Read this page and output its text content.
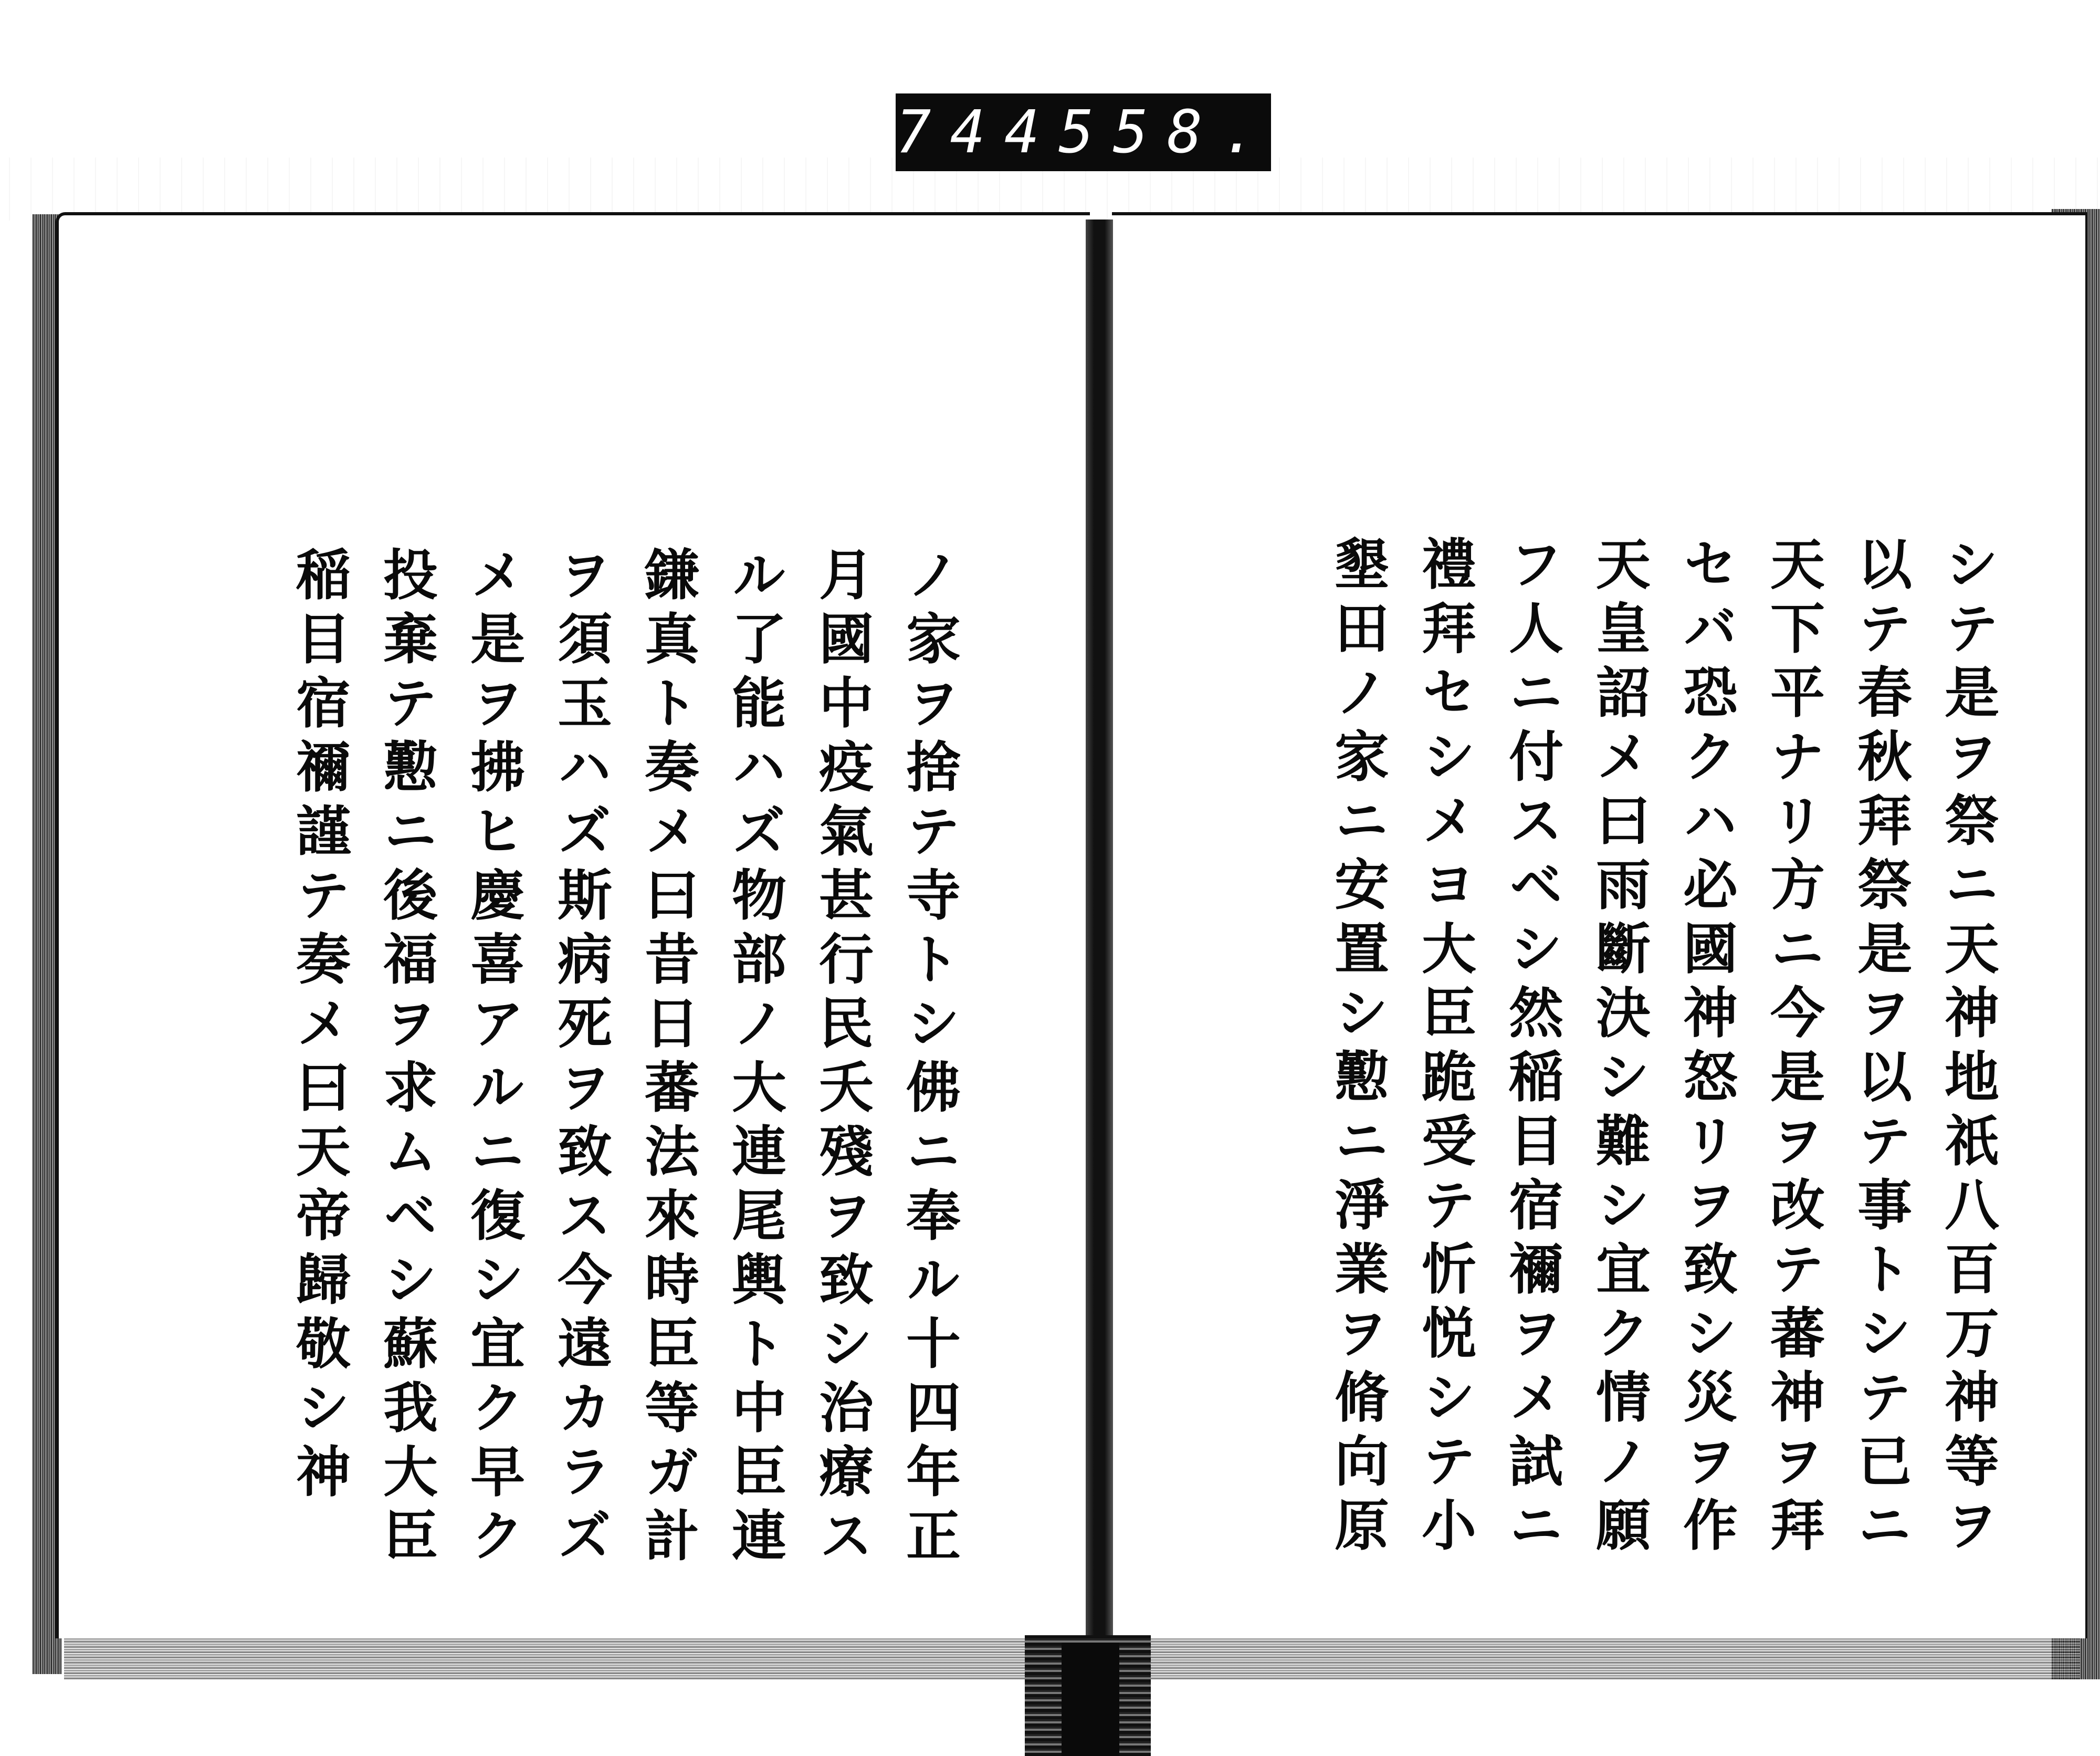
744 558.
シテ是ヲ祭ニ天神地祇八百万神等ヲ
以テ春秋拜祭是ヲ以テ事トシテ已ニ
天下平ナリ方ニ今是ヲ改テ蕃神ヲ拜
セバ恐クハ必國神怒リヲ致シ災ヲ作
天皇詔メ曰雨斷決シ難シ宜ク情ノ願
フ人ニ付スベシ然稲目宿禰ヲメ試ニ
禮拜セシメヨ大臣跪受テ忻悦シテ小
墾田ノ家ニ安置シ懃ニ淨業ヲ脩向原
ノ家ヲ捨テ寺トシ佛ニ奉ル十四年正
月國中疫氣甚行民夭殘ヲ致シ治療ス
ル了能ハズ物部ノ大連尾輿ト中臣連
鎌真ト奏メ曰昔日蕃法來時臣等ガ計
ヲ須玉ハズ斯病死ヲ致ス今遠カラズ
メ是ヲ拂ヒ慶喜アルニ復シ宜ク早ク
投棄テ懃ニ後福ヲ求ムベシ蘇我大臣
稲目宿禰謹テ奏メ曰天帝歸敬シ神
